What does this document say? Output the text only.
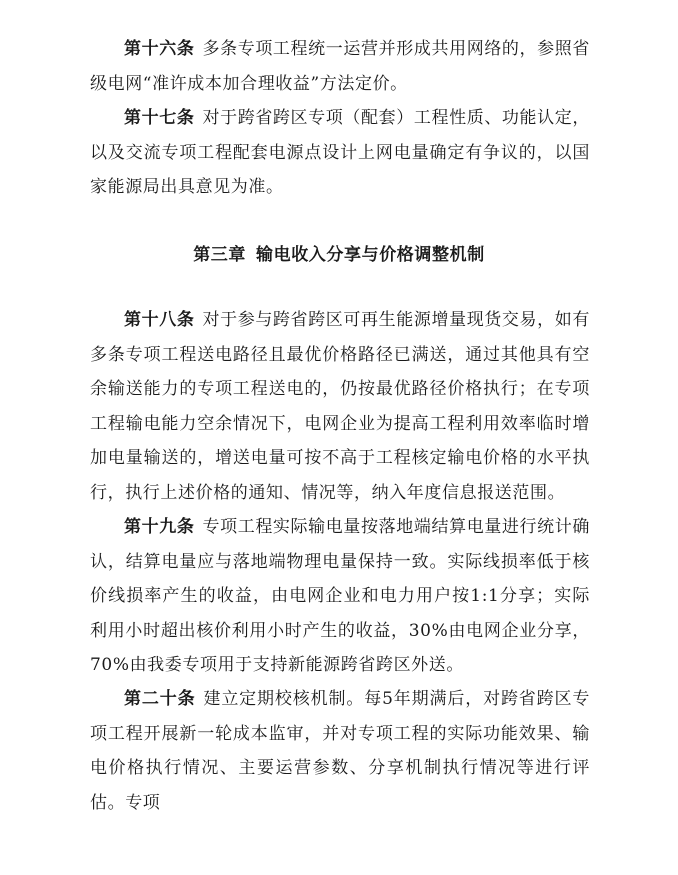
第十六条 多条专项工程统一运营并形成共用网络的，参照省级电网“准许成本加合理收益”方法定价。

第十七条 对于跨省跨区专项（配套）工程性质、功能认定，以及交流专项工程配套电源点设计上网电量确定有争议的，以国家能源局出具意见为准。

第三章 输电收入分享与价格调整机制

第十八条 对于参与跨省跨区可再生能源增量现货交易，如有多条专项工程送电路径且最优价格路径已满送，通过其他具有空余输送能力的专项工程送电的，仍按最优路径价格执行；在专项工程输电能力空余情况下，电网企业为提高工程利用效率临时增加电量输送的，增送电量可按不高于工程核定输电价格的水平执行，执行上述价格的通知、情况等，纳入年度信息报送范围。

第十九条 专项工程实际输电量按落地端结算电量进行统计确认，结算电量应与落地端物理电量保持一致。实际线损率低于核价线损率产生的收益，由电网企业和电力用户按1:1分享；实际利用小时超出核价利用小时产生的收益，30%由电网企业分享，70%由我委专项用于支持新能源跨省跨区外送。

第二十条 建立定期校核机制。每5年期满后，对跨省跨区专项工程开展新一轮成本监审，并对专项工程的实际功能效果、输电价格执行情况、主要运营参数、分享机制执行情况等进行评估。专项
